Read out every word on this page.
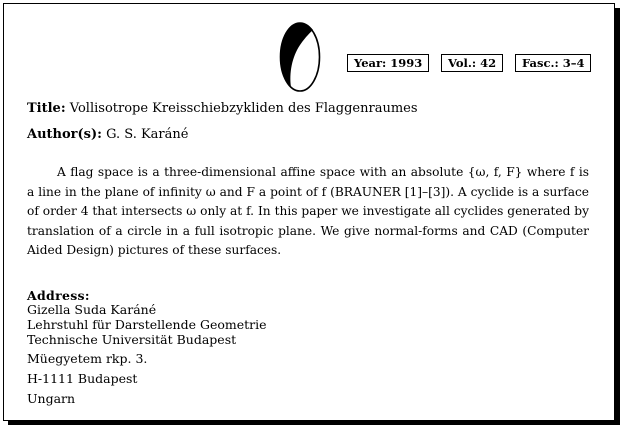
Year: 1993	Vol.: 42	Fasc.: 3–4
Title: Vollisotrope Kreisschiebzykliden des Flaggenraumes
Author(s): G. S. Karáné

A flag space is a three-dimensional affine space with an absolute {ω, f, F} where f is a line in the plane of infinity ω and F a point of f (BRAUNER [1]–[3]). A cyclide is a surface of order 4 that intersects ω only at f. In this paper we investigate all cyclides generated by translation of a circle in a full isotropic plane. We give normal-forms and CAD (Computer Aided Design) pictures of these surfaces.

Address:
Gizella Suda Karáné
Lehrstuhl für Darstellende Geometrie
Technische Universität Budapest
Müegyetem rkp. 3.
H-1111 Budapest
Ungarn
